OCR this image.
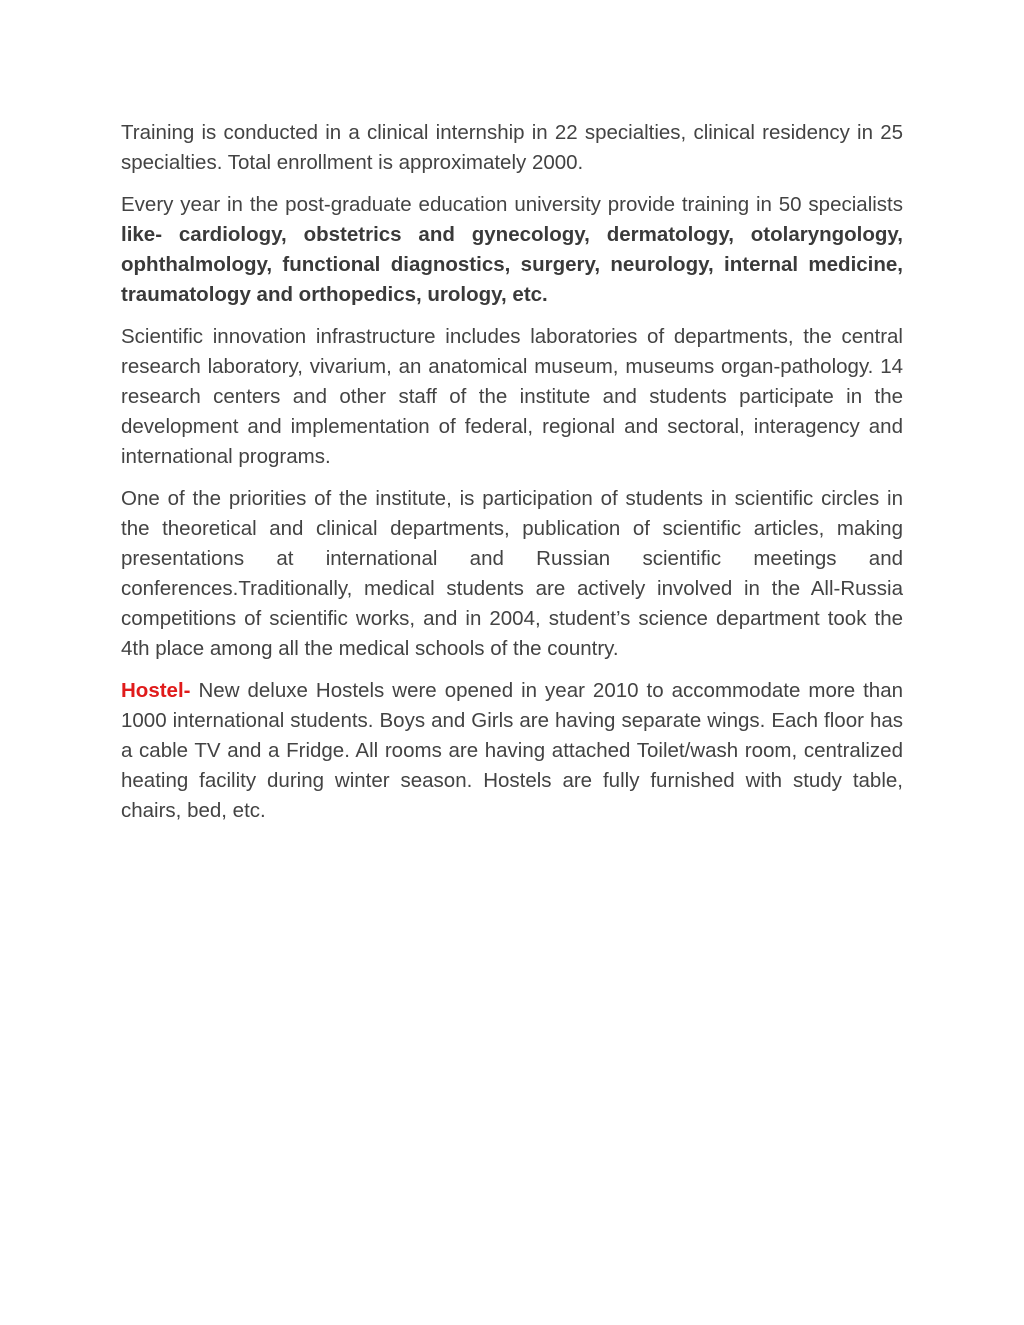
Training is conducted in a clinical internship in 22 specialties, clinical residency in 25 specialties. Total enrollment is approximately 2000.

Every year in the post-graduate education university provide training in 50 specialists like- cardiology, obstetrics and gynecology, dermatology, otolaryngology, ophthalmology, functional diagnostics, surgery, neurology, internal medicine, traumatology and orthopedics, urology, etc.

Scientific innovation infrastructure includes laboratories of departments, the central research laboratory, vivarium, an anatomical museum, museums organ-pathology. 14 research centers and other staff of the institute and students participate in the development and implementation of federal, regional and sectoral, interagency and international programs.

One of the priorities of the institute, is participation of students in scientific circles in the theoretical and clinical departments, publication of scientific articles, making presentations at international and Russian scientific meetings and conferences.Traditionally, medical students are actively involved in the All-Russia competitions of scientific works, and in 2004, student’s science department took the 4th place among all the medical schools of the country.

Hostel- New deluxe Hostels were opened in year 2010 to accommodate more than 1000 international students. Boys and Girls are having separate wings. Each floor has a cable TV and a Fridge. All rooms are having attached Toilet/wash room, centralized heating facility during winter season. Hostels are fully furnished with study table, chairs, bed, etc.
